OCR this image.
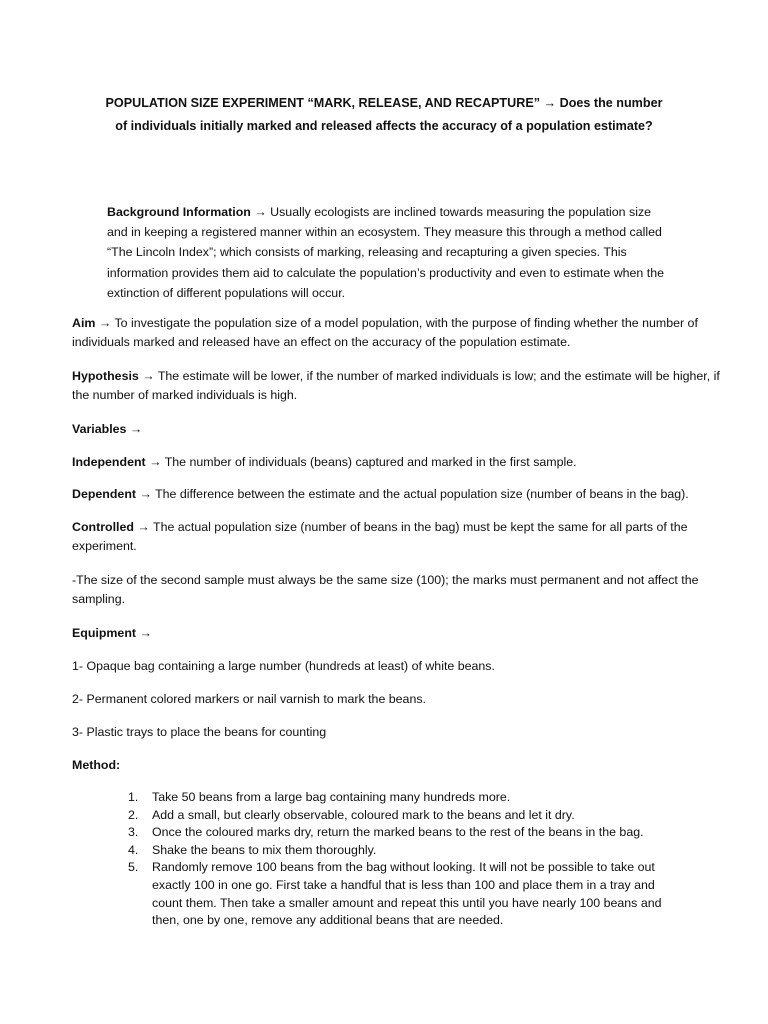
POPULATION SIZE EXPERIMENT “MARK, RELEASE, AND RECAPTURE” → Does the number of individuals initially marked and released affects the accuracy of a population estimate?
Background Information → Usually ecologists are inclined towards measuring the population size and in keeping a registered manner within an ecosystem. They measure this through a method called “The Lincoln Index”; which consists of marking, releasing and recapturing a given species. This information provides them aid to calculate the population’s productivity and even to estimate when the extinction of different populations will occur.
Aim → To investigate the population size of a model population, with the purpose of finding whether the number of individuals marked and released have an effect on the accuracy of the population estimate.
Hypothesis → The estimate will be lower, if the number of marked individuals is low; and the estimate will be higher, if the number of marked individuals is high.
Variables →
Independent → The number of individuals (beans) captured and marked in the first sample.
Dependent → The difference between the estimate and the actual population size (number of beans in the bag).
Controlled → The actual population size (number of beans in the bag) must be kept the same for all parts of the experiment.
-The size of the second sample must always be the same size (100); the marks must permanent and not affect the sampling.
Equipment →
1- Opaque bag containing a large number (hundreds at least) of white beans.
2- Permanent colored markers or nail varnish to mark the beans.
3- Plastic trays to place the beans for counting
Method:
1.	Take 50 beans from a large bag containing many hundreds more.
2.	Add a small, but clearly observable, coloured mark to the beans and let it dry.
3.	Once the coloured marks dry, return the marked beans to the rest of the beans in the bag.
4.	Shake the beans to mix them thoroughly.
5.	Randomly remove 100 beans from the bag without looking. It will not be possible to take out exactly 100 in one go. First take a handful that is less than 100 and place them in a tray and count them. Then take a smaller amount and repeat this until you have nearly 100 beans and then, one by one, remove any additional beans that are needed.
